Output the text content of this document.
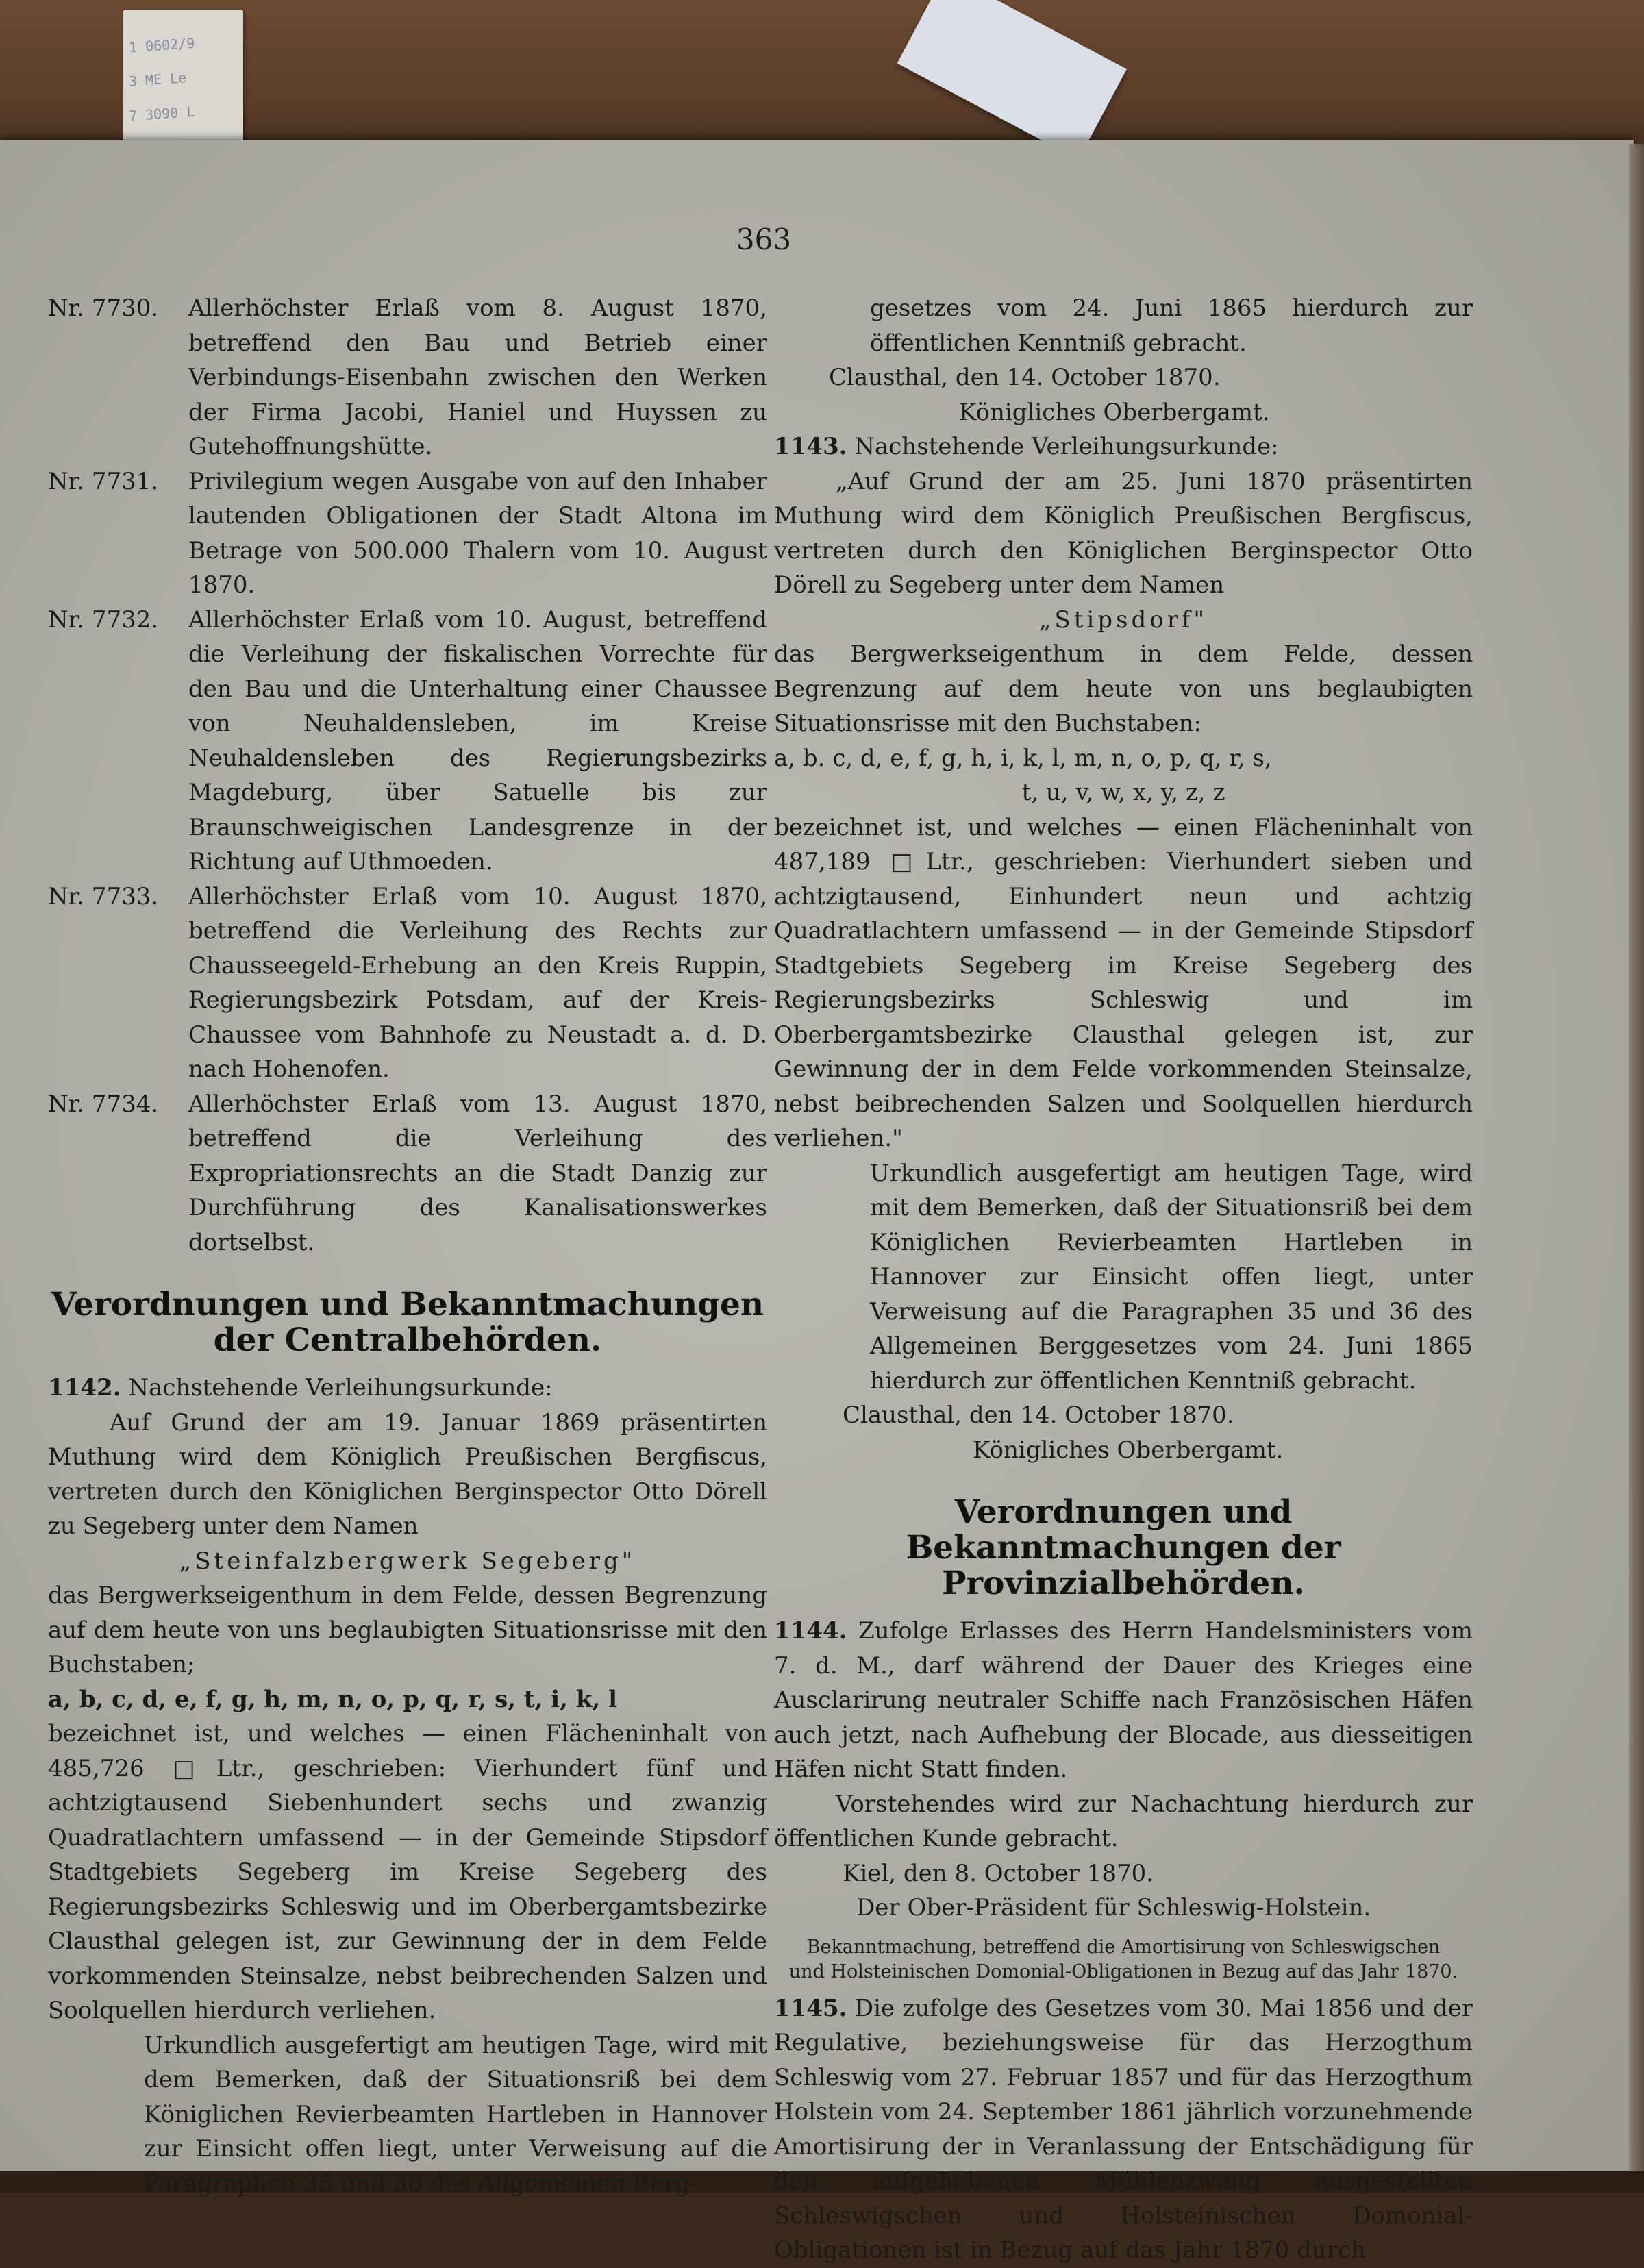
1 0602/9
3 ME Le
7 3090 L
363
Nr. 7730.	Allerhöchster Erlaß vom 8. August 1870, betreffend den Bau und Betrieb einer Verbindungs-Eisenbahn zwischen den Werken der Firma Jacobi, Haniel und Huyssen zu Gutehoffnungshütte.
Nr. 7731.	Privilegium wegen Ausgabe von auf den Inhaber lautenden Obligationen der Stadt Altona im Betrage von 500.000 Thalern vom 10. August 1870.
Nr. 7732.	Allerhöchster Erlaß vom 10. August, betreffend die Verleihung der fiskalischen Vorrechte für den Bau und die Unterhaltung einer Chaussee von Neuhaldensleben, im Kreise Neuhaldensleben des Regierungsbezirks Magdeburg, über Satuelle bis zur Braunschweigischen Landesgrenze in der Richtung auf Uthmoeden.
Nr. 7733.	Allerhöchster Erlaß vom 10. August 1870, betreffend die Verleihung des Rechts zur Chausseegeld-Erhebung an den Kreis Ruppin, Regierungsbezirk Potsdam, auf der Kreis-Chaussee vom Bahnhofe zu Neustadt a. d. D. nach Hohenofen.
Nr. 7734.	Allerhöchster Erlaß vom 13. August 1870, betreffend die Verleihung des Expropriationsrechts an die Stadt Danzig zur Durchführung des Kanalisationswerkes dortselbst.
Verordnungen und Bekanntmachungen der Centralbehörden.

1142. Nachstehende Verleihungsurkunde:

Auf Grund der am 19. Januar 1869 präsentirten Muthung wird dem Königlich Preußischen Bergfiscus, vertreten durch den Königlichen Berginspector Otto Dörell zu Segeberg unter dem Namen

„Steinfalzbergwerk Segeberg"

das Bergwerkseigenthum in dem Felde, dessen Begrenzung auf dem heute von uns beglaubigten Situationsrisse mit den Buchstaben;

a, b, c, d, e, f, g, h, m, n, o, p, q, r, s, t, i, k, l

bezeichnet ist, und welches — einen Flächeninhalt von 485,726 □Ltr., geschrieben: Vierhundert fünf und achtzigtausend Siebenhundert sechs und zwanzig Quadratlachtern umfassend — in der Gemeinde Stipsdorf Stadtgebiets Segeberg im Kreise Segeberg des Regierungsbezirks Schleswig und im Oberbergamtsbezirke Clausthal gelegen ist, zur Gewinnung der in dem Felde vorkommenden Steinsalze, nebst beibrechenden Salzen und Soolquellen hierdurch verliehen.

Urkundlich ausgefertigt am heutigen Tage, wird mit dem Bemerken, daß der Situationsriß bei dem Königlichen Revierbeamten Hartleben in Hannover zur Einsicht offen liegt, unter Verweisung auf die Paragraphen 35 und 36 des Allgemeinen Berg-

gesetzes vom 24. Juni 1865 hierdurch zur öffentlichen Kenntniß gebracht.

Clausthal, den 14. October 1870.

Königliches Oberbergamt.

1143. Nachstehende Verleihungsurkunde:

„Auf Grund der am 25. Juni 1870 präsentirten Muthung wird dem Königlich Preußischen Bergfiscus, vertreten durch den Königlichen Berginspector Otto Dörell zu Segeberg unter dem Namen

„Stipsdorf"

das Bergwerkseigenthum in dem Felde, dessen Begrenzung auf dem heute von uns beglaubigten Situationsrisse mit den Buchstaben:

a, b. c, d, e, f, g, h, i, k, l, m, n, o, p, q, r, s,

t, u, v, w, x, y, z, z

bezeichnet ist, und welches — einen Flächeninhalt von 487,189 □Ltr., geschrieben: Vierhundert sieben und achtzigtausend, Einhundert neun und achtzig Quadratlachtern umfassend — in der Gemeinde Stipsdorf Stadtgebiets Segeberg im Kreise Segeberg des Regierungsbezirks Schleswig und im Oberbergamtsbezirke Clausthal gelegen ist, zur Gewinnung der in dem Felde vorkommenden Steinsalze, nebst beibrechenden Salzen und Soolquellen hierdurch verliehen."

Urkundlich ausgefertigt am heutigen Tage, wird mit dem Bemerken, daß der Situationsriß bei dem Königlichen Revierbeamten Hartleben in Hannover zur Einsicht offen liegt, unter Verweisung auf die Paragraphen 35 und 36 des Allgemeinen Berggesetzes vom 24. Juni 1865 hierdurch zur öffentlichen Kenntniß gebracht.

Clausthal, den 14. October 1870.

Königliches Oberbergamt.

Verordnungen und Bekanntmachungen der Provinzialbehörden.

1144. Zufolge Erlasses des Herrn Handelsministers vom 7. d. M., darf während der Dauer des Krieges eine Ausclarirung neutraler Schiffe nach Französischen Häfen auch jetzt, nach Aufhebung der Blocade, aus diesseitigen Häfen nicht Statt finden.

Vorstehendes wird zur Nachachtung hierdurch zur öffentlichen Kunde gebracht.

Kiel, den 8. October 1870.

Der Ober-Präsident für Schleswig-Holstein.

Bekanntmachung, betreffend die Amortisirung von Schleswigschen und Holsteinischen Domonial-Obligationen in Bezug auf das Jahr 1870.

1145. Die zufolge des Gesetzes vom 30. Mai 1856 und der Regulative, beziehungsweise für das Herzogthum Schleswig vom 27. Februar 1857 und für das Herzogthum Holstein vom 24. September 1861 jährlich vorzunehmende Amortisirung der in Veranlassung der Entschädigung für den aufgehobenen Mühlenzwang ausgestellten Schleswigschen und Holsteinischen Domonial-Obligationen ist in Bezug auf das Jahr 1870 durch
